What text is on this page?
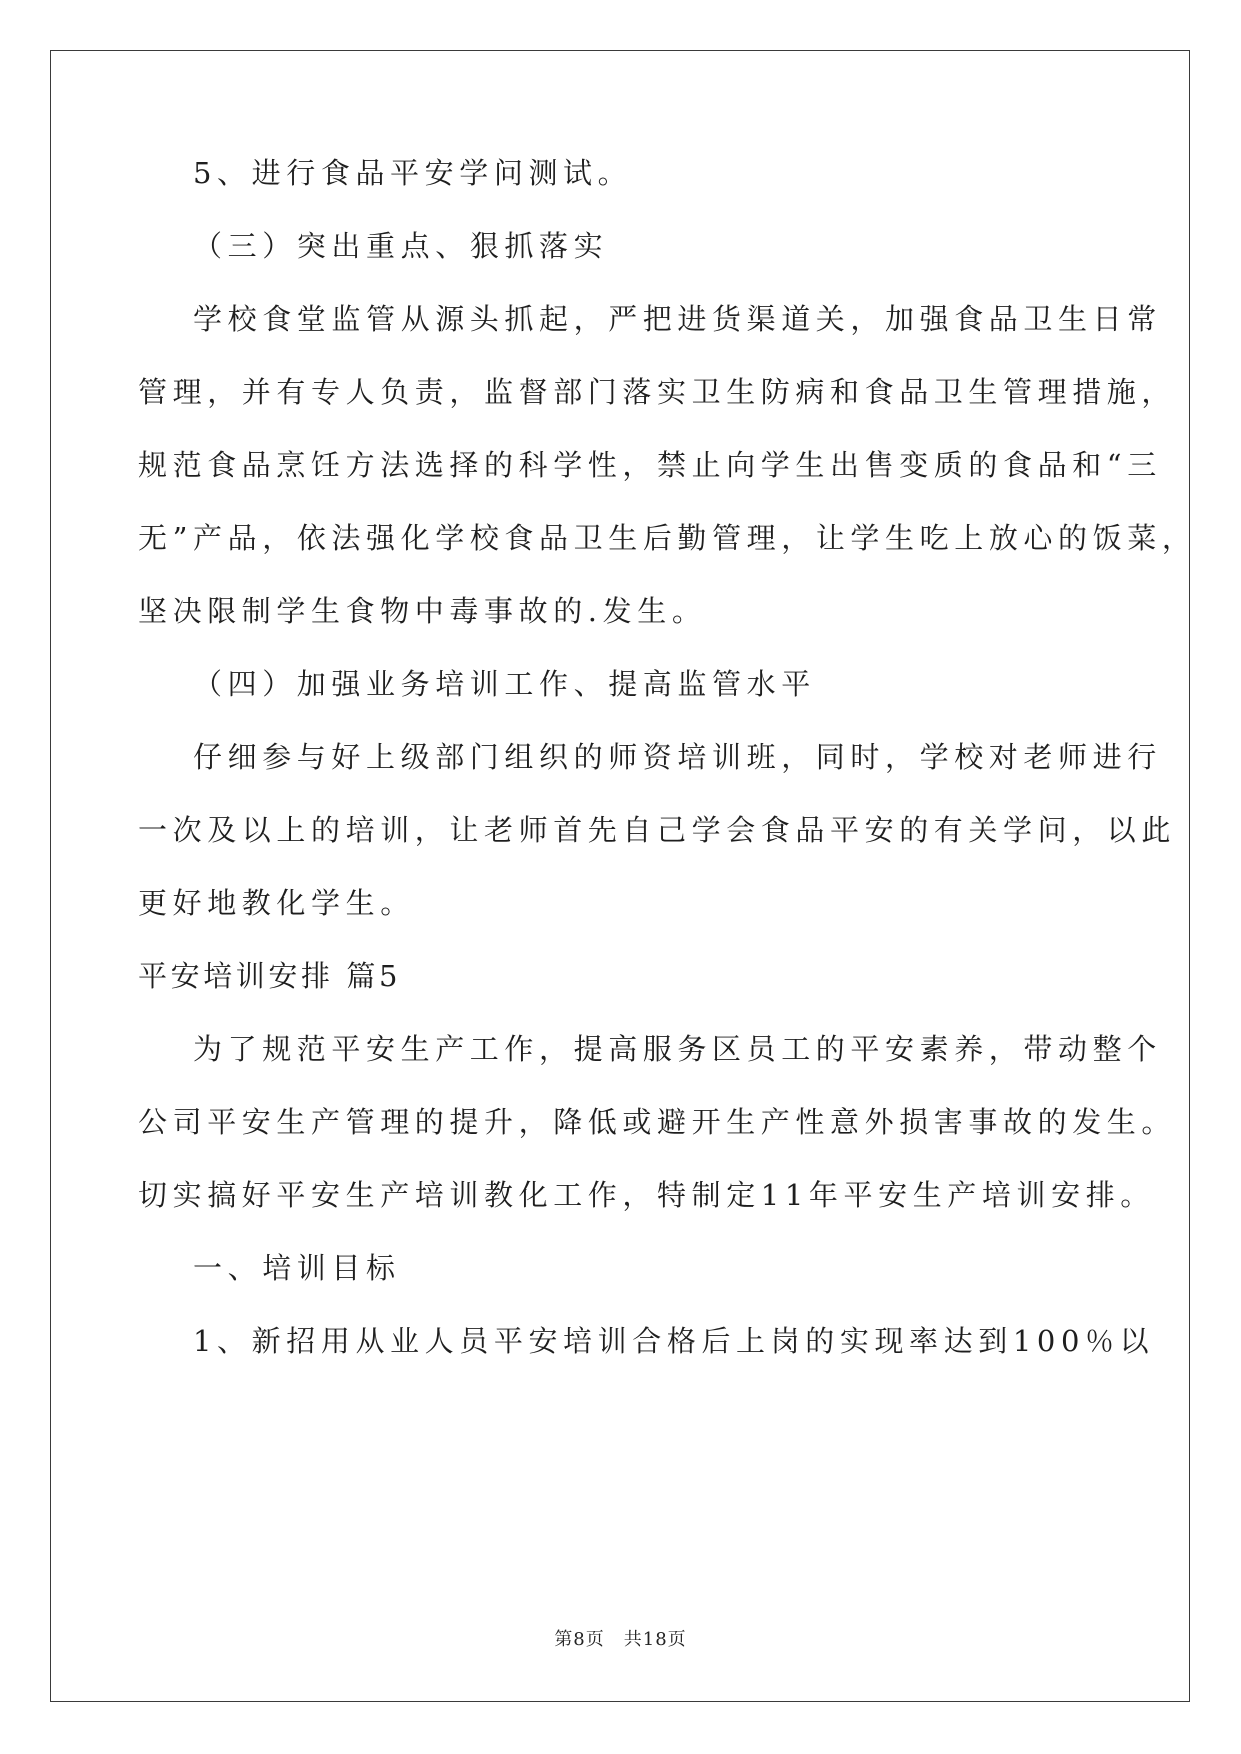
5、进行食品平安学问测试。
（三）突出重点、狠抓落实
学校食堂监管从源头抓起，严把进货渠道关，加强食品卫生日常
管理，并有专人负责，监督部门落实卫生防病和食品卫生管理措施，
规范食品烹饪方法选择的科学性，禁止向学生出售变质的食品和“三
无”产品，依法强化学校食品卫生后勤管理，让学生吃上放心的饭菜，
坚决限制学生食物中毒事故的.发生。
（四）加强业务培训工作、提高监管水平
仔细参与好上级部门组织的师资培训班，同时，学校对老师进行
一次及以上的培训，让老师首先自己学会食品平安的有关学问，以此
更好地教化学生。
平安培训安排 篇5
为了规范平安生产工作，提高服务区员工的平安素养，带动整个
公司平安生产管理的提升，降低或避开生产性意外损害事故的发生。
切实搞好平安生产培训教化工作，特制定11年平安生产培训安排。
一、培训目标
1、新招用从业人员平安培训合格后上岗的实现率达到100％以
第8页　共18页
